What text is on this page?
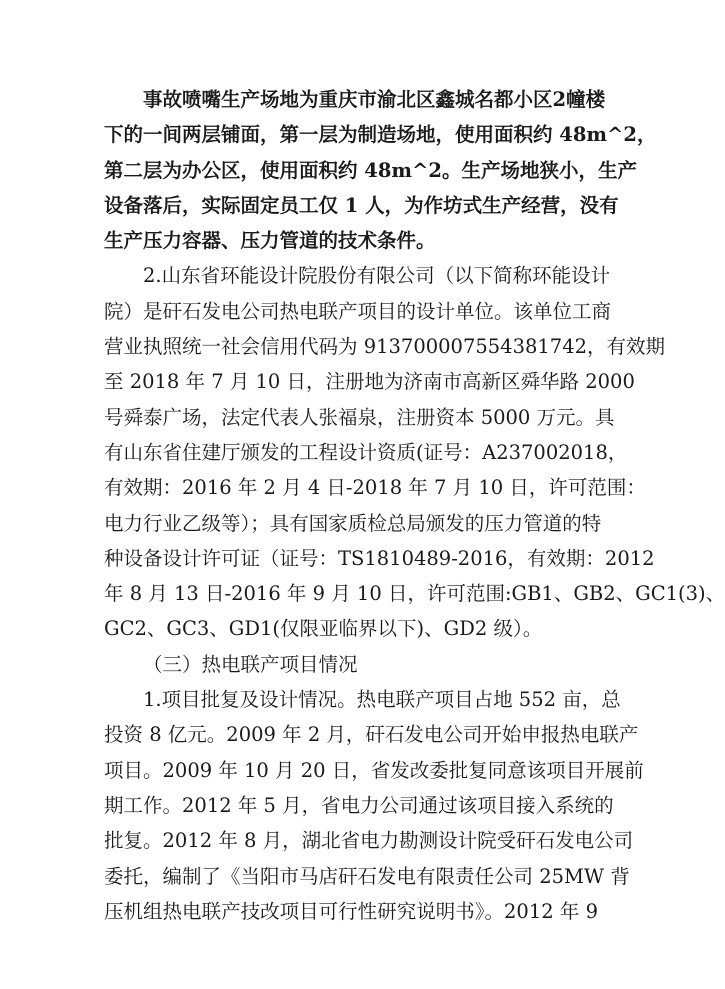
事故喷嘴生产场地为重庆市渝北区鑫城名都小区2幢楼
下的一间两层铺面，第一层为制造场地，使用面积约 48m^2，
第二层为办公区，使用面积约 48m^2。生产场地狭小，生产
设备落后，实际固定员工仅 1 人，为作坊式生产经营，没有
生产压力容器、压力管道的技术条件。
2.山东省环能设计院股份有限公司（以下简称环能设计
院）是矸石发电公司热电联产项目的设计单位。该单位工商
营业执照统一社会信用代码为 91370000755438174​2，有效期
至 2018 年 7 月 10 日，注册地为济南市高新区舜华路 2000
号舜泰广场，法定代表人张福泉，注册资本 5000 万元。具
有山东省住建厅颁发的工程设计资质(证号：A237002018，
有效期：2016 年 2 月 4 日-2018 年 7 月 10 日，许可范围：
电力行业乙级等）；具有国家质检总局颁发的压力管道的特
种设备设计许可证（证号：TS1810489-2016，有效期：2012
年 8 月 13 日-2016 年 9 月 10 日，许可范围:GB1、GB2、GC1(3)、
GC2、GC3、GD1(仅限亚临界以下)、GD2 级）。
（三）热电联产项目情况
1.项目批复及设计情况。热电联产项目占地 552 亩，总
投资 8 亿元。2009 年 2 月，矸石发电公司开始申报热电联产
项目。2009 年 10 月 20 日，省发改委批复同意该项目开展前
期工作。2012 年 5 月，省电力公司通过该项目接入系统的
批复。2012 年 8 月，湖北省电力勘测设计院受矸石发电公司
委托，编制了《当阳市马店矸石发电有限责任公司 25MW 背
压机组热电联产技改项目可行性研究说明书》。2012 年 9
